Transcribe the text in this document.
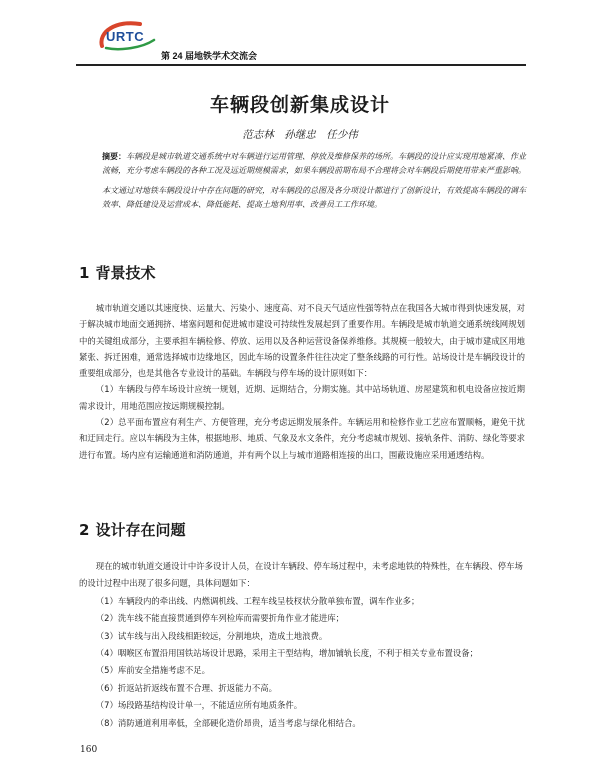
URTC
第 24 届地铁学术交流会
车辆段创新集成设计
范志林　孙继忠　任少伟

摘要：车辆段是城市轨道交通系统中对车辆进行运用管理、停放及维修保养的场所。车辆段的设计应实现用地紧凑、作业流畅，充分考虑车辆段的各种工况及远近期规模需求，如果车辆段前期布局不合理将会对车辆段后期使用带来严重影响。

本文通过对地铁车辆段设计中存在问题的研究，对车辆段的总图及各分项设计都进行了创新设计，有效提高车辆段的调车效率、降低建设及运营成本、降低能耗、提高土地利用率、改善员工工作环境。

1 背景技术

城市轨道交通以其速度快、运量大、污染小、速度高、对不良天气适应性强等特点在我国各大城市得到快速发展，对于解决城市地面交通拥挤、堵塞问题和促进城市建设可持续性发展起到了重要作用。车辆段是城市轨道交通系统线网规划中的关键组成部分，主要承担车辆检修、停放、运用以及各种运营设备保养维修。其规模一般较大，由于城市建成区用地紧张、拆迁困难，通常选择城市边缘地区，因此车场的设置条件往往决定了整条线路的可行性。站场设计是车辆段设计的重要组成部分，也是其他各专业设计的基础。车辆段与停车场的设计原则如下：

（1）车辆段与停车场设计应统一规划，近期、远期结合，分期实施。其中站场轨道、房屋建筑和机电设备应按近期需求设计，用地范围应按远期规模控制。

（2）总平面布置应有利生产、方便管理，充分考虑远期发展条件。车辆运用和检修作业工艺应布置顺畅，避免干扰和迂回走行。应以车辆段为主体，根据地形、地质、气象及水文条件，充分考虑城市规划、接轨条件、消防、绿化等要求进行布置。场内应有运输通道和消防通道，并有两个以上与城市道路相连接的出口，围蔽设施应采用通透结构。

2 设计存在问题

现在的城市轨道交通设计中许多设计人员，在设计车辆段、停车场过程中，未考虑地铁的特殊性，在车辆段、停车场的设计过程中出现了很多问题，具体问题如下：

（1）车辆段内的牵出线、内燃调机线、工程车线呈枝杈状分散单独布置，调车作业多；

（2）洗车线不能直接贯通到停车列检库而需要折角作业才能进库；

（3）试车线与出入段线相距较远，分割地块，造成土地浪费。

（4）咽喉区布置沿用国铁站场设计思路，采用主干型结构，增加铺轨长度，不利于相关专业布置设备；

（5）库前安全措施考虑不足。

（6）折返站折返线布置不合理、折返能力不高。

（7）场段路基结构设计单一，不能适应所有地质条件。

（8）消防通道利用率低，全部硬化造价昂贵，适当考虑与绿化相结合。

160
